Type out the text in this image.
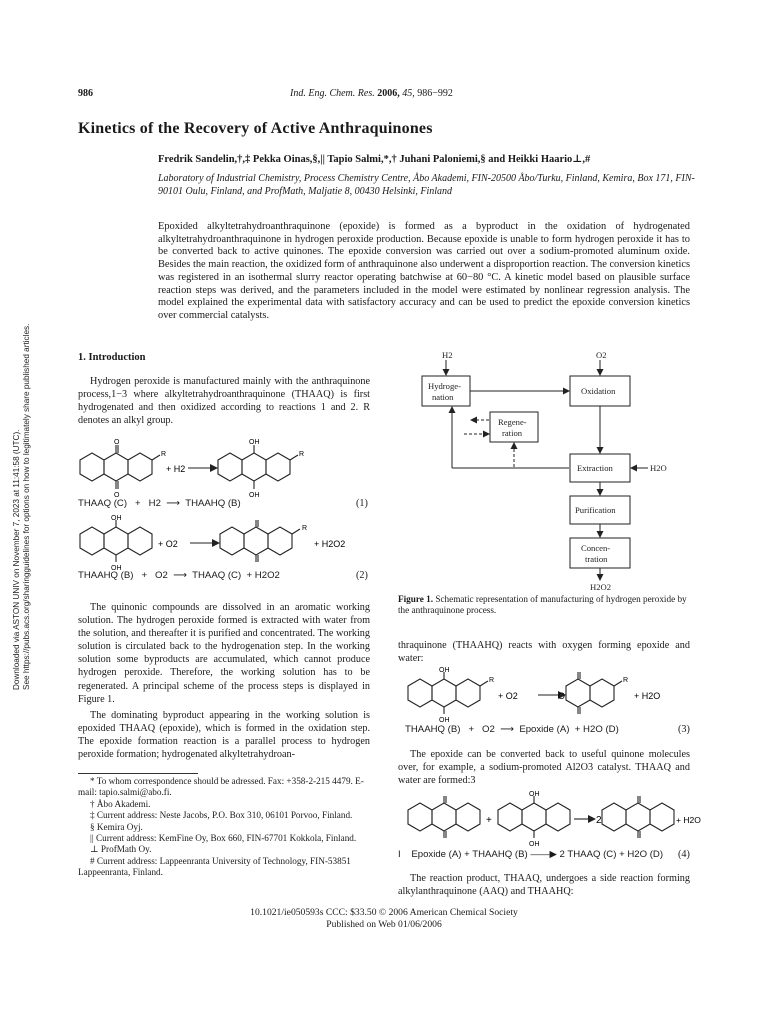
Downloaded via ASTON UNIV on November 7, 2023 at 11:41:58 (UTC). See https://pubs.acs.org/sharingguidelines for options on how to legitimately share published articles.
986	Ind. Eng. Chem. Res. 2006, 45, 986−992
Kinetics of the Recovery of Active Anthraquinones
Fredrik Sandelin,†,‡ Pekka Oinas,§,|| Tapio Salmi,*,† Juhani Paloniemi,§ and Heikki Haario⊥,#
Laboratory of Industrial Chemistry, Process Chemistry Centre, Åbo Akademi, FIN-20500 Åbo/Turku, Finland, Kemira, Box 171, FIN-90101 Oulu, Finland, and ProfMath, Maljatie 8, 00430 Helsinki, Finland
Epoxided alkyltetrahydroanthraquinone (epoxide) is formed as a byproduct in the oxidation of hydrogenated alkyltetrahydroanthraquinone in hydrogen peroxide production. Because epoxide is unable to form hydrogen peroxide it has to be converted back to active quinones. The epoxide conversion was carried out over a sodium-promoted aluminum oxide. Besides the main reaction, the oxidized form of anthraquinone also underwent a disproportion reaction. The conversion kinetics was registered in an isothermal slurry reactor operating batchwise at 60−80 °C. A kinetic model based on plausible surface reaction steps was derived, and the parameters included in the model were estimated by nonlinear regression analysis. The model explained the experimental data with satisfactory accuracy and can be used to predict the epoxide conversion kinetics over commercial catalysts.
1. Introduction
Hydrogen peroxide is manufactured mainly with the anthraquinone process,1−3 where alkyltetrahydroanthraquinone (THAAQ) is first hydrogenated and then oxidized according to reactions 1 and 2. R denotes an alkyl group.
O
O
R
+ H2
OH
OH
R
THAAQ (C) + H2 ⟶ THAAHQ (B)	(1)
OH
OH
+ O2
R
+ H2O2
THAAHQ (B) + O2 ⟶ THAAQ (C) + H2O2	(2)
The quinonic compounds are dissolved in an aromatic working solution. The hydrogen peroxide formed is extracted with water from the solution, and thereafter it is purified and concentrated. The working solution is circulated back to the hydrogenation step. In the working solution some byproducts are accumulated, which cannot produce hydrogen peroxide. Therefore, the working solution has to be regenerated. A principal scheme of the process steps is displayed in Figure 1.
The dominating byproduct appearing in the working solution is epoxided THAAQ (epoxide), which is formed in the oxidation step. The epoxide formation reaction is a parallel process to hydrogen peroxide formation; hydrogenated alkyltetrahydroan-
* To whom correspondence should be adressed. Fax: +358-2-215 4479. E-mail: tapio.salmi@abo.fi.
† Åbo Akademi.
‡ Current address: Neste Jacobs, P.O. Box 310, 06101 Porvoo, Finland.
§ Kemira Oyj.
|| Current address: KemFine Oy, Box 660, FIN-67701 Kokkola, Finland.
⊥ ProfMath Oy.
# Current address: Lappeenranta University of Technology, FIN-53851 Lappeenranta, Finland.
H2	O2
Hydroge-
nation
Oxidation
Regene-
ration
Extraction	H2O
Purification
Concen-
tration
H2O2
Figure 1. Schematic representation of manufacturing of hydrogen peroxide by the anthraquinone process.
thraquinone (THAAHQ) reacts with oxygen forming epoxide and water:
OH
OH
R
+ O2	O
R
+ H2O
THAAHQ (B) + O2 ⟶ Epoxide (A) + H2O (D)	(3)
The epoxide can be converted back to useful quinone molecules over, for example, a sodium-promoted Al2O3 catalyst. THAAQ and water are formed:3
OH
OH
+	2	+ H2O
I Epoxide (A) + THAAHQ (B) ——▶ 2 THAAQ (C) + H2O (D) (4)
The reaction product, THAAQ, undergoes a side reaction forming alkylanthraquinone (AAQ) and THAAHQ:
10.1021/ie050593s CCC: $33.50 © 2006 American Chemical Society
Published on Web 01/06/2006
